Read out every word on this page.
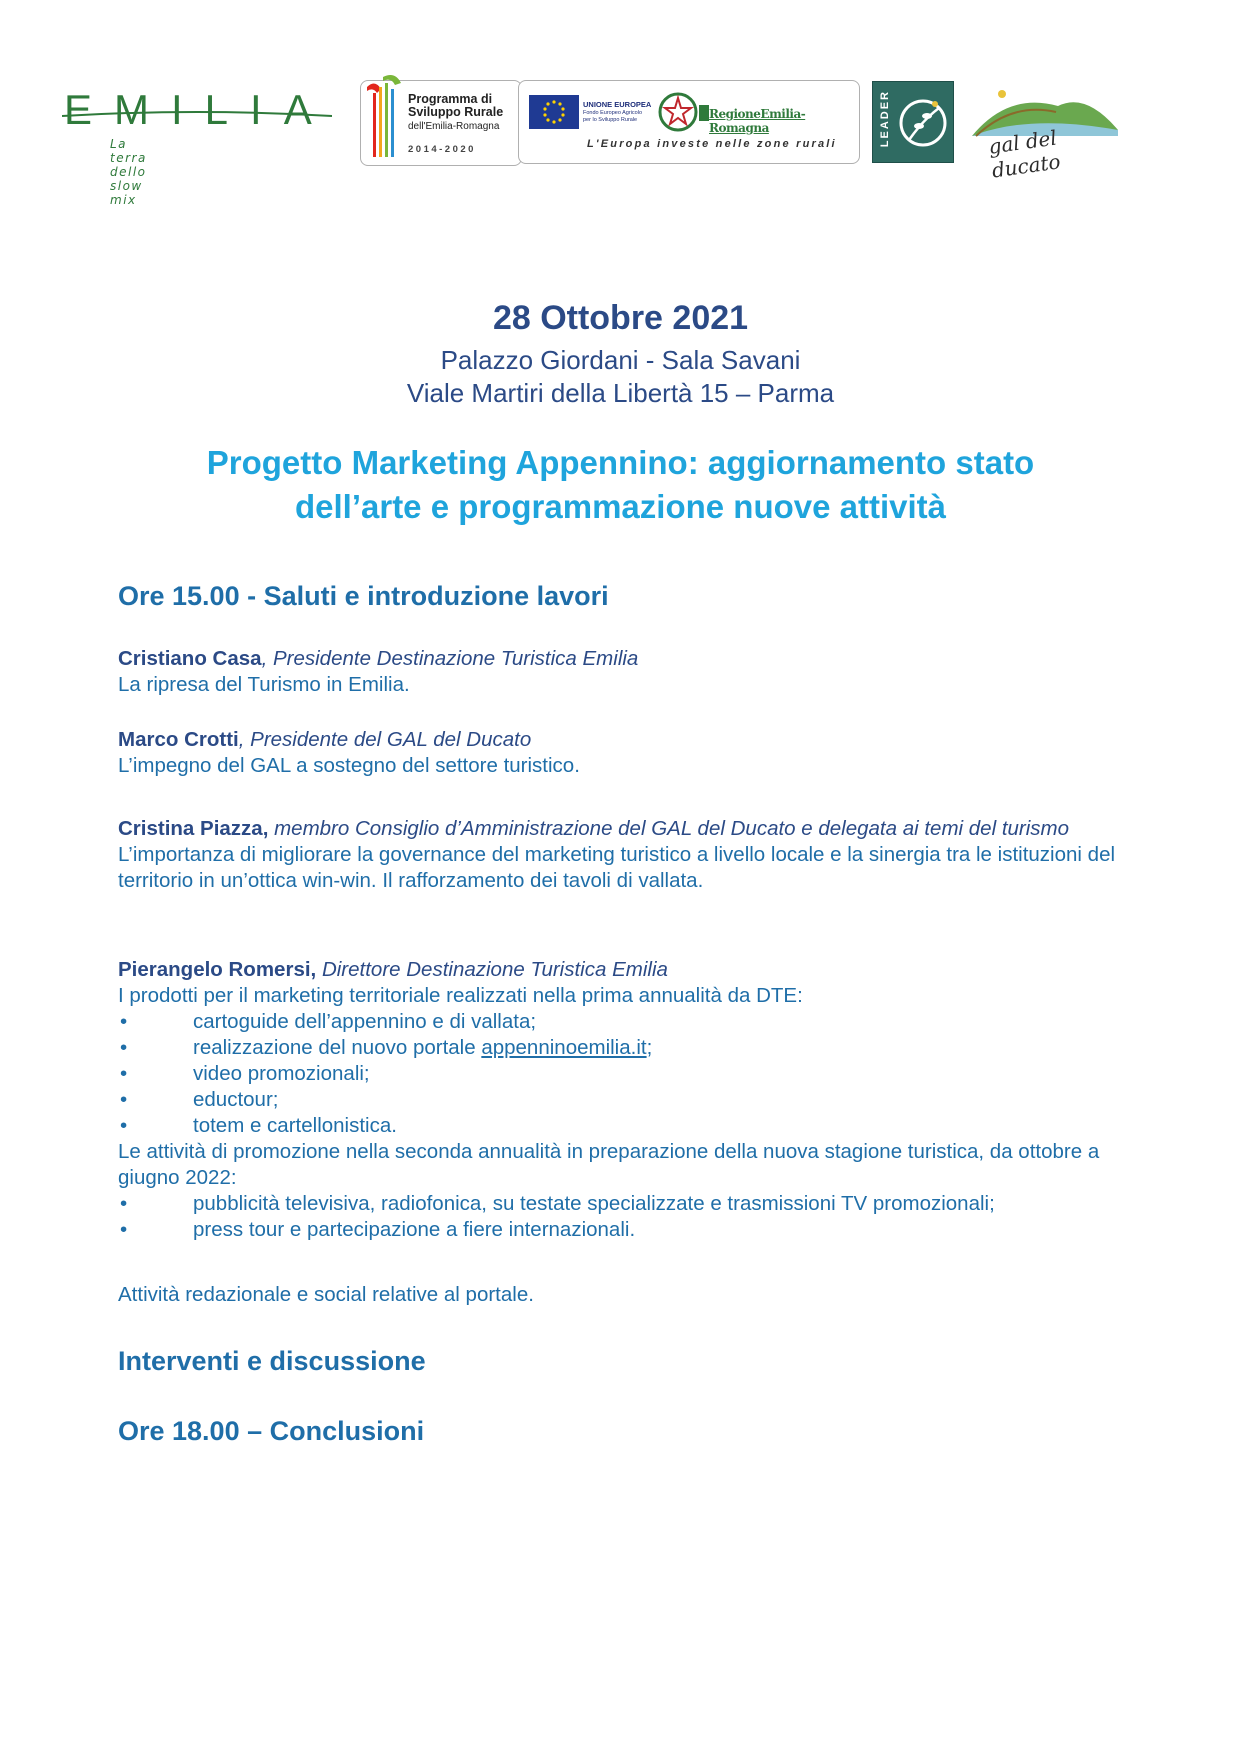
EMILIA
La terra dello slow mix
Programma di
Sviluppo Rurale
dell'Emilia-Romagna
2014-2020
UNIONE EUROPEA
Fondo Europeo Agricolo per lo Sviluppo Rurale	RegioneEmilia-Romagna
L'Europa investe nelle zone rurali	LEADER	gal del ducato
28 Ottobre 2021
Palazzo Giordani - Sala Savani
Viale Martiri della Libertà 15 – Parma
Progetto Marketing Appennino: aggiornamento stato
dell’arte e programmazione nuove attività
Ore 15.00 - Saluti e introduzione lavori
Cristiano Casa, Presidente Destinazione Turistica Emilia
La ripresa del Turismo in Emilia.
Marco Crotti, Presidente del GAL del Ducato
L’impegno del GAL a sostegno del settore turistico.
Cristina Piazza, membro Consiglio d’Amministrazione del GAL del Ducato e delegata ai temi del turismo
L’importanza di migliorare la governance del marketing turistico a livello locale e la sinergia tra le istituzioni del territorio in un’ottica win-win. Il rafforzamento dei tavoli di vallata.
Pierangelo Romersi, Direttore Destinazione Turistica Emilia
I prodotti per il marketing territoriale realizzati nella prima annualità da DTE:
•	cartoguide dell’appennino e di vallata;
•	realizzazione del nuovo portale appenninoemilia.it;
•	video promozionali;
•	eductour;
•	totem e cartellonistica.
Le attività di promozione nella seconda annualità in preparazione della nuova stagione turistica, da ottobre a giugno 2022:
•	pubblicità televisiva, radiofonica, su testate specializzate e trasmissioni TV promozionali;
•	press tour e partecipazione a fiere internazionali.
Attività redazionale e social relative al portale.
Interventi e discussione
Ore 18.00 – Conclusioni
